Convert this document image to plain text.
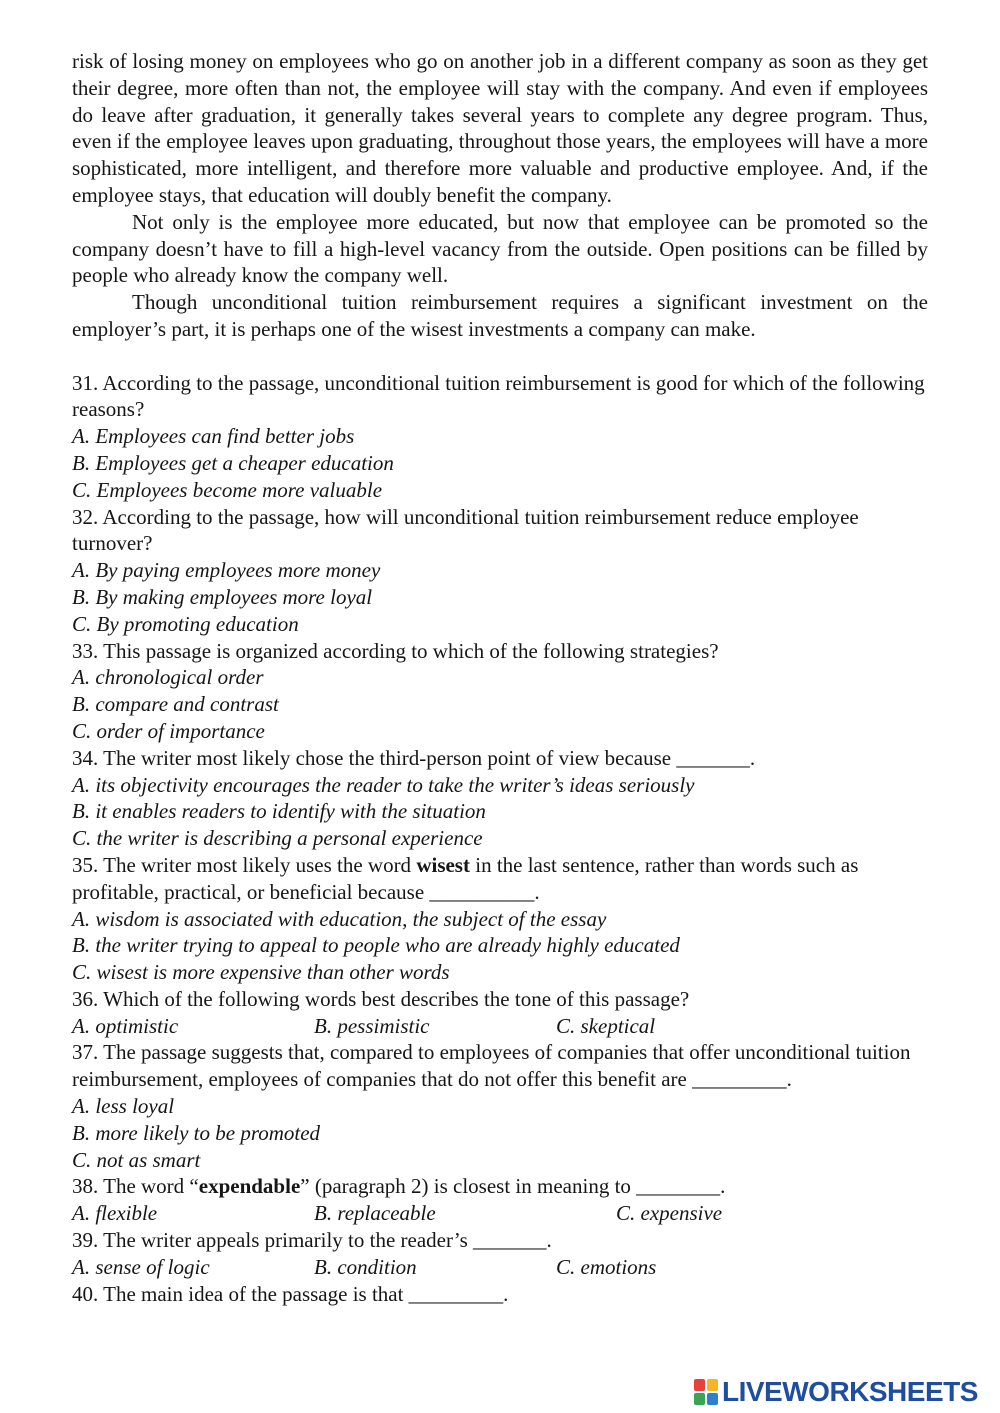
risk of losing money on employees who go on another job in a different company as soon as they get their degree, more often than not, the employee will stay with the company. And even if employees do leave after graduation, it generally takes several years to complete any degree program. Thus, even if the employee leaves upon graduating, throughout those years, the employees will have a more sophisticated, more intelligent, and therefore more valuable and productive employee. And, if the employee stays, that education will doubly benefit the company.

Not only is the employee more educated, but now that employee can be promoted so the company doesn’t have to fill a high-level vacancy from the outside. Open positions can be filled by people who already know the company well.

Though unconditional tuition reimbursement requires a significant investment on the employer’s part, it is perhaps one of the wisest investments a company can make.

31. According to the passage, unconditional tuition reimbursement is good for which of the following reasons?

A. Employees can find better jobs

B. Employees get a cheaper education

C. Employees become more valuable

32. According to the passage, how will unconditional tuition reimbursement reduce employee turnover?

A. By paying employees more money

B. By making employees more loyal

C. By promoting education

33. This passage is organized according to which of the following strategies?

A. chronological order

B. compare and contrast

C. order of importance

34. The writer most likely chose the third-person point of view because _______.

A. its objectivity encourages the reader to take the writer’s ideas seriously

B. it enables readers to identify with the situation

C. the writer is describing a personal experience

35. The writer most likely uses the word wisest in the last sentence, rather than words such as profitable, practical, or beneficial because __________.

A. wisdom is associated with education, the subject of the essay

B. the writer trying to appeal to people who are already highly educated

C. wisest is more expensive than other words

36. Which of the following words best describes the tone of this passage?

A. optimistic	B. pessimistic	C. skeptical

37. The passage suggests that, compared to employees of companies that offer unconditional tuition reimbursement, employees of companies that do not offer this benefit are _________.

A. less loyal

B. more likely to be promoted

C. not as smart

38. The word “expendable” (paragraph 2) is closest in meaning to ________.

A. flexible	B. replaceable	C. expensive

39. The writer appeals primarily to the reader’s _______.

A. sense of logic	B. condition	C. emotions

40. The main idea of the passage is that _________.

LIVEWORKSHEETS
